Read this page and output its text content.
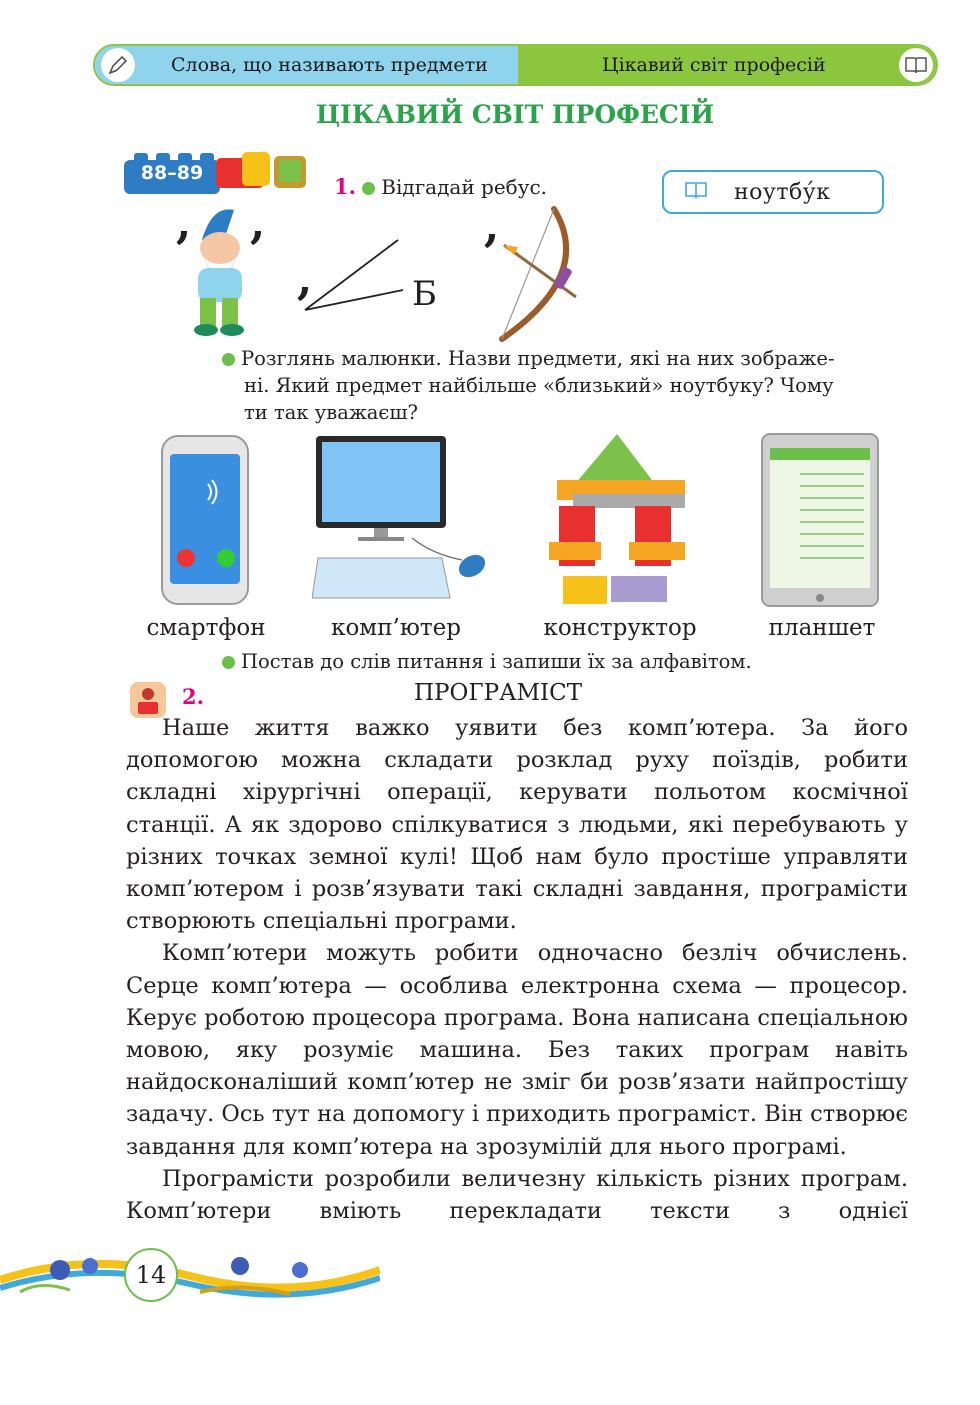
Слова, що називають предмети	Цікавий світ професій
ЦІКАВИЙ СВІТ ПРОФЕСІЙ
88–89
1. Відгадай ребус.	ноутбу́к
, ,
,	Б
,
Розглянь малюнки. Назви предмети, які на них зображе-
ні. Який предмет найбільше «близький» ноутбуку? Чому
ти так уважаєш?
смартфон	комп’ютер	конструктор	планшет
Постав до слів питання і запиши їх за алфавітом.
2.	ПРОГРАМІСТ

Наше життя важко уявити без комп’ютера. За його допомогою можна складати розклад руху поїздів, робити складні хірургічні операції, керувати польотом космічної станції. А як здорово спілкуватися з людьми, які перебувають у різних точках земної кулі! Щоб нам було простіше управляти комп’ютером і розв’язувати такі складні завдання, програмісти створюють спеціальні програми.

Комп’ютери можуть робити одночасно безліч обчислень. Серце комп’ютера — особлива електронна схема — процесор. Керує роботою процесора програма. Вона написана спеціальною мовою, яку розуміє машина. Без таких програм навіть найдосконаліший комп’ютер не зміг би розв’язати найпростішу задачу. Ось тут на допомогу і приходить програміст. Він створює завдання для комп’ютера на зрозумілій для нього програмі.

Програмісти розробили величезну кількість різних програм. Комп’ютери вміють перекладати тексти з однієї

14
